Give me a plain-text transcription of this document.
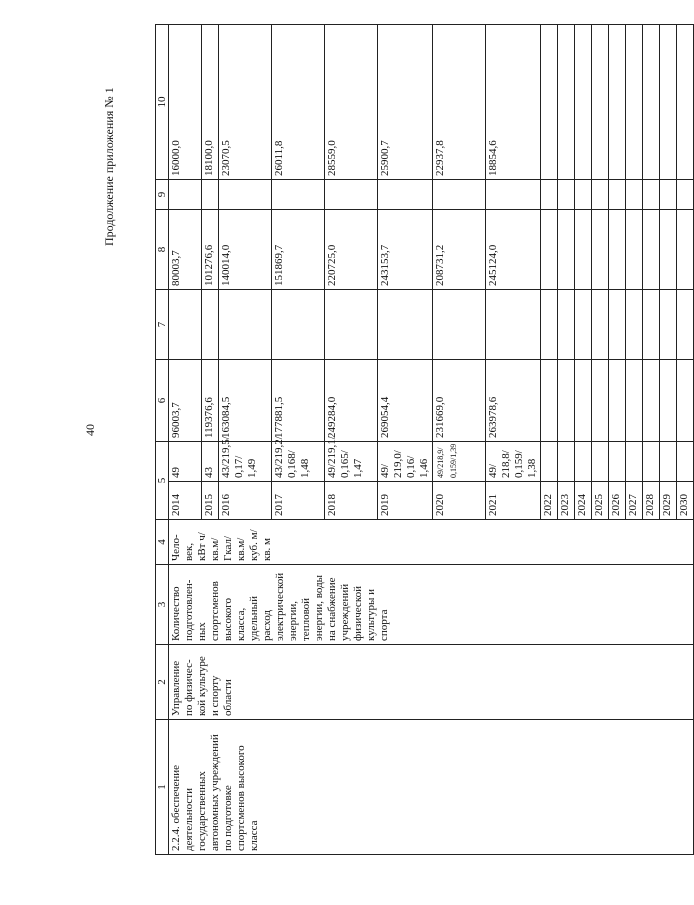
40
Продолжение приложения № 1
1	2	3	4	5		6	7	8	9	10
2.2.4. обеспечение деятельности государственных автономных учреждений по подготовке спортсменов высокого класса	Управление по физичес-кой культуре и спорту области	Количество подготовлен-ных спортсменов высокого класса, удельный расход электрической энергии, тепловой энергии, воды на снабжение учреждений физической культуры и спорта	Чело-век, кВт ч/ кв.м/ Гкал/ кв.м/ куб. м/ кв. м	2014	49	96003,7		80003,7		16000,0
				2015	43	119376,6		101276,6		18100,0
				2016	43/219,5/ 0,17/ 1,49	163084,5		140014,0		23070,5
				2017	43/219,2/ 0,168/ 1,48	177881,5		151869,7		26011,8
				2018	49/219,1/ 0,165/ 1,47	249284,0		220725,0		28559,0
				2019	49/ 219,0/ 0,16/ 1,46	269054,4		243153,7		25900,7
				2020	49/218,9/ 0,159/1,39	231669,0		208731,2		22937,8
				2021	49/ 218,8/ 0,159/ 1,38	263978,6		245124,0		18854,6
				2022						
				2023						
				2024						
				2025						
				2026						
				2027						
				2028						
				2029						
				2030						
